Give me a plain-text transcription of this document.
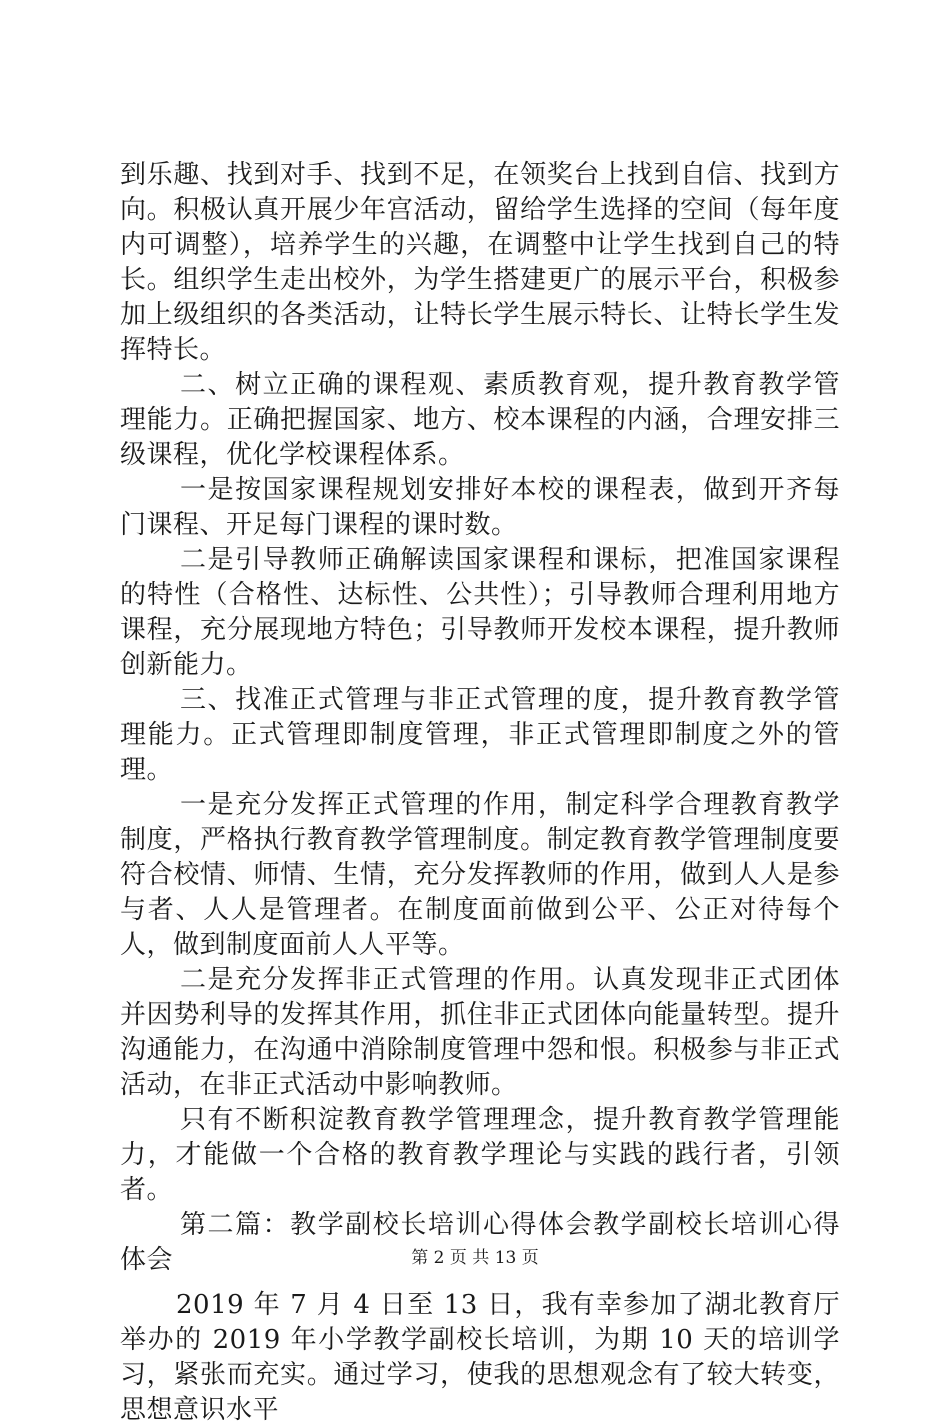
到乐趣、找到对手、找到不足，在领奖台上找到自信、找到方向。积极认真开展少年宫活动，留给学生选择的空间（每年度内可调整），培养学生的兴趣，在调整中让学生找到自己的特长。组织学生走出校外，为学生搭建更广的展示平台，积极参加上级组织的各类活动，让特长学生展示特长、让特长学生发挥特长。

二、树立正确的课程观、素质教育观，提升教育教学管理能力。正确把握国家、地方、校本课程的内涵，合理安排三级课程，优化学校课程体系。

一是按国家课程规划安排好本校的课程表，做到开齐每门课程、开足每门课程的课时数。

二是引导教师正确解读国家课程和课标，把准国家课程的特性（合格性、达标性、公共性）；引导教师合理利用地方课程，充分展现地方特色；引导教师开发校本课程，提升教师创新能力。

三、找准正式管理与非正式管理的度，提升教育教学管理能力。正式管理即制度管理，非正式管理即制度之外的管理。

一是充分发挥正式管理的作用，制定科学合理教育教学制度，严格执行教育教学管理制度。制定教育教学管理制度要符合校情、师情、生情，充分发挥教师的作用，做到人人是参与者、人人是管理者。在制度面前做到公平、公正对待每个人，做到制度面前人人平等。

二是充分发挥非正式管理的作用。认真发现非正式团体并因势利导的发挥其作用，抓住非正式团体向能量转型。提升沟通能力，在沟通中消除制度管理中怨和恨。积极参与非正式活动，在非正式活动中影响教师。

只有不断积淀教育教学管理理念，提升教育教学管理能力，才能做一个合格的教育教学理论与实践的践行者，引领者。

第二篇：教学副校长培训心得体会教学副校长培训心得体会

2019 年 7 月 4 日至 13 日，我有幸参加了湖北教育厅举办的 2019 年小学教学副校长培训，为期 10 天的培训学习，紧张而充实。通过学习，使我的思想观念有了较大转变，思想意识水平

第 2 页 共 13 页
